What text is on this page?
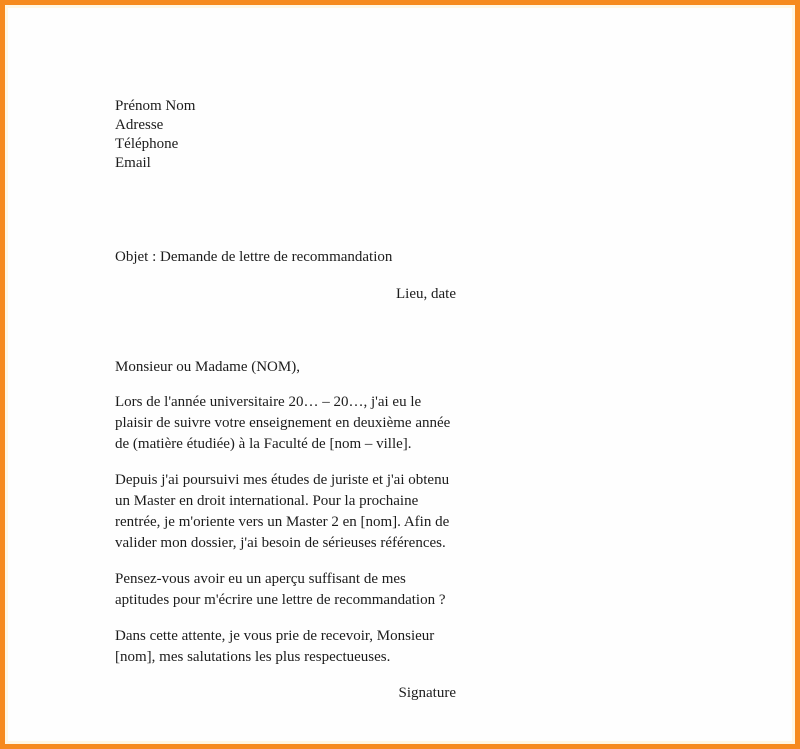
Prénom Nom
Adresse
Téléphone
Email
Objet : Demande de lettre de recommandation
Lieu, date
Monsieur ou Madame (NOM),

Lors de l'année universitaire 20… – 20…, j'ai eu le plaisir de suivre votre enseignement en deuxième année de (matière étudiée) à la Faculté de [nom – ville].

Depuis j'ai poursuivi mes études de juriste et j'ai obtenu un Master en droit international. Pour la prochaine rentrée, je m'oriente vers un Master 2 en [nom]. Afin de valider mon dossier, j'ai besoin de sérieuses références.

Pensez-vous avoir eu un aperçu suffisant de mes aptitudes pour m'écrire une lettre de recommandation ?

Dans cette attente, je vous prie de recevoir, Monsieur [nom], mes salutations les plus respectueuses.

Signature
